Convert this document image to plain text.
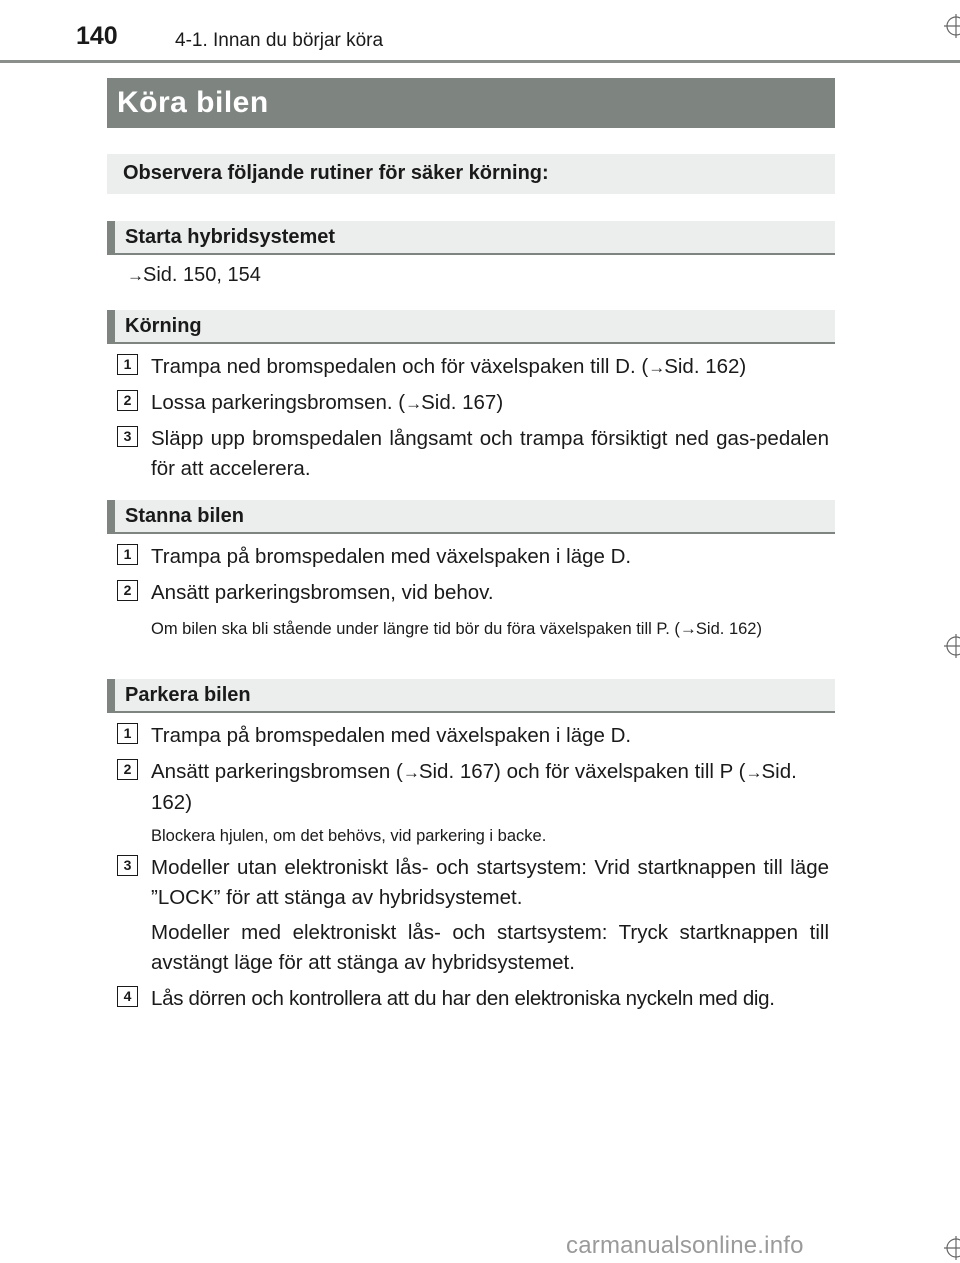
140	4-1. Innan du börjar köra
Köra bilen
Observera följande rutiner för säker körning:
Starta hybridsystemet
→Sid. 150, 154
Körning
1 Trampa ned bromspedalen och för växelspaken till D. (→Sid. 162)
2 Lossa parkeringsbromsen. (→Sid. 167)
3 Släpp upp bromspedalen långsamt och trampa försiktigt ned gas-pedalen för att accelerera.
Stanna bilen
1 Trampa på bromspedalen med växelspaken i läge D.
2 Ansätt parkeringsbromsen, vid behov.
Om bilen ska bli stående under längre tid bör du föra växelspaken till P. (→Sid. 162)
Parkera bilen
1 Trampa på bromspedalen med växelspaken i läge D.
2 Ansätt parkeringsbromsen (→Sid. 167) och för växelspaken till P (→Sid. 162)
Blockera hjulen, om det behövs, vid parkering i backe.
3 Modeller utan elektroniskt lås- och startsystem: Vrid startknappen till läge ”LOCK” för att stänga av hybridsystemet.
Modeller med elektroniskt lås- och startsystem: Tryck startknappen till avstängt läge för att stänga av hybridsystemet.
4 Lås dörren och kontrollera att du har den elektroniska nyckeln med dig.
carmanualsonline.info
